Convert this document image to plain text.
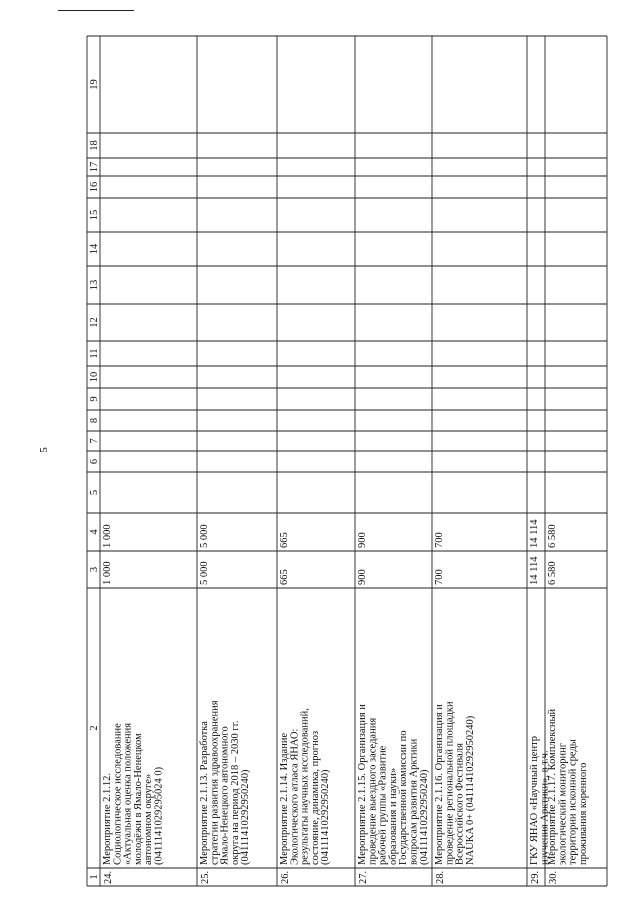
5
1
2
3
4
5
6
7
8
9
10
11
12
13
14
15
16
17
18
19
24.
Мероприятие 2.1.12. Социологическое исследование «Актуальная оценка положения молодёжи в Ямало-Ненецком автономном округе» (0411141029295024 0)
1 000
1 000
25.
Мероприятие 2.1.13. Разработка стратегии развития здравоохранения Ямало-Ненецкого автономного округа на период 2018 – 2030 гг. (04111410292950240)
5 000
5 000
26.
Мероприятие 2.1.14. Издание Экологического атласа ЯНАО: результаты научных исследований, состояние, динамика, прогноз (04111410292950240)
665
665
27.
Мероприятие 2.1.15. Организация и проведение выездного заседания рабочей группы «Развитие образования и науки» Государственной комиссии по вопросам развития Арктики (04111410292950240)
900
900
28.
Мероприятие 2.1.16. Организация и проведение региональной площадки Всероссийского Фестиваля NAUKA 0+ (04111410292950240)
700
700
29.
ГКУ ЯНАО «Научный центр изучения Арктики», в т.ч.
14 114
14 114
30.
Мероприятие 2.1.17. Комплексный экологический мониторинг территории исконной среды проживания коренного
6 580
6 580
